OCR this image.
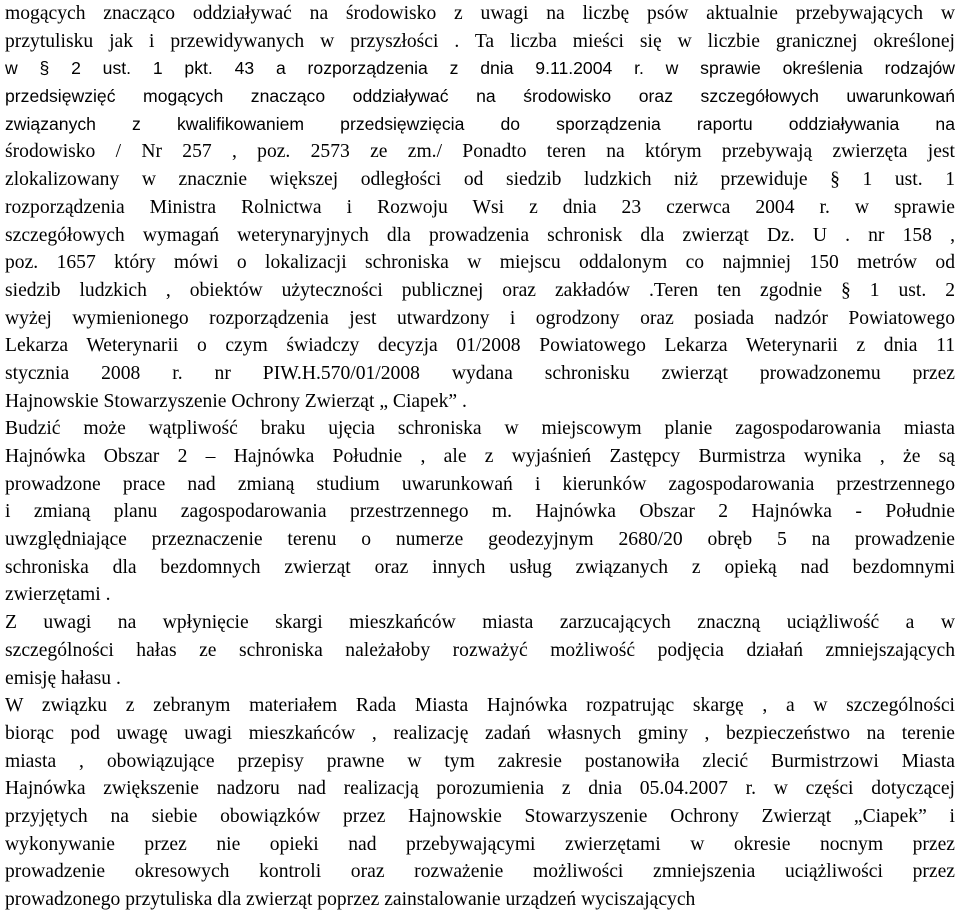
mogących znacząco oddziaływać na środowisko z uwagi na liczbę psów aktualnie przebywających w
przytulisku jak i przewidywanych w przyszłości . Ta liczba mieści się w liczbie granicznej określonej
w § 2 ust. 1 pkt. 43 a rozporządzenia z dnia 9.11.2004 r. w sprawie określenia rodzajów
przedsięwzięć mogących znacząco oddziaływać na środowisko oraz szczegółowych uwarunkowań
związanych z kwalifikowaniem przedsięwzięcia do sporządzenia raportu oddziaływania na
środowisko / Nr 257 , poz. 2573 ze zm./ Ponadto teren na którym przebywają zwierzęta jest
zlokalizowany w znacznie większej odległości od siedzib ludzkich niż przewiduje § 1 ust. 1
rozporządzenia Ministra Rolnictwa i Rozwoju Wsi z dnia 23 czerwca 2004 r. w sprawie
szczegółowych wymagań weterynaryjnych dla prowadzenia schronisk dla zwierząt Dz. U . nr 158 ,
poz. 1657 który mówi o lokalizacji schroniska w miejscu oddalonym co najmniej 150 metrów od
siedzib ludzkich , obiektów użyteczności publicznej oraz zakładów .Teren ten zgodnie § 1 ust. 2
wyżej wymienionego rozporządzenia jest utwardzony i ogrodzony oraz posiada nadzór Powiatowego
Lekarza Weterynarii o czym świadczy decyzja 01/2008 Powiatowego Lekarza Weterynarii z dnia 11
stycznia 2008 r. nr PIW.H.570/01/2008 wydana schronisku zwierząt prowadzonemu przez
Hajnowskie Stowarzyszenie Ochrony Zwierząt „ Ciapek” .
Budzić może wątpliwość braku ujęcia schroniska w miejscowym planie zagospodarowania miasta
Hajnówka Obszar 2 – Hajnówka Południe , ale z wyjaśnień Zastępcy Burmistrza wynika , że są
prowadzone prace nad zmianą studium uwarunkowań i kierunków zagospodarowania przestrzennego
i zmianą planu zagospodarowania przestrzennego m. Hajnówka Obszar 2 Hajnówka - Południe
uwzględniające przeznaczenie terenu o numerze geodezyjnym 2680/20 obręb 5 na prowadzenie
schroniska dla bezdomnych zwierząt oraz innych usług związanych z opieką nad bezdomnymi
zwierzętami .
Z uwagi na wpłynięcie skargi mieszkańców miasta zarzucających znaczną uciążliwość a w
szczególności hałas ze schroniska należałoby rozważyć możliwość podjęcia działań zmniejszających
emisję hałasu .
W związku z zebranym materiałem Rada Miasta Hajnówka rozpatrując skargę , a w szczególności
biorąc pod uwagę uwagi mieszkańców , realizację zadań własnych gminy , bezpieczeństwo na terenie
miasta , obowiązujące przepisy prawne w tym zakresie postanowiła zlecić Burmistrzowi Miasta
Hajnówka zwiększenie nadzoru nad realizacją porozumienia z dnia 05.04.2007 r. w części dotyczącej
przyjętych na siebie obowiązków przez Hajnowskie Stowarzyszenie Ochrony Zwierząt „Ciapek” i
wykonywanie przez nie opieki nad przebywającymi zwierzętami w okresie nocnym przez
prowadzenie okresowych kontroli oraz rozważenie możliwości zmniejszenia uciążliwości przez
prowadzonego przytuliska dla zwierząt poprzez zainstalowanie urządzeń wyciszających
